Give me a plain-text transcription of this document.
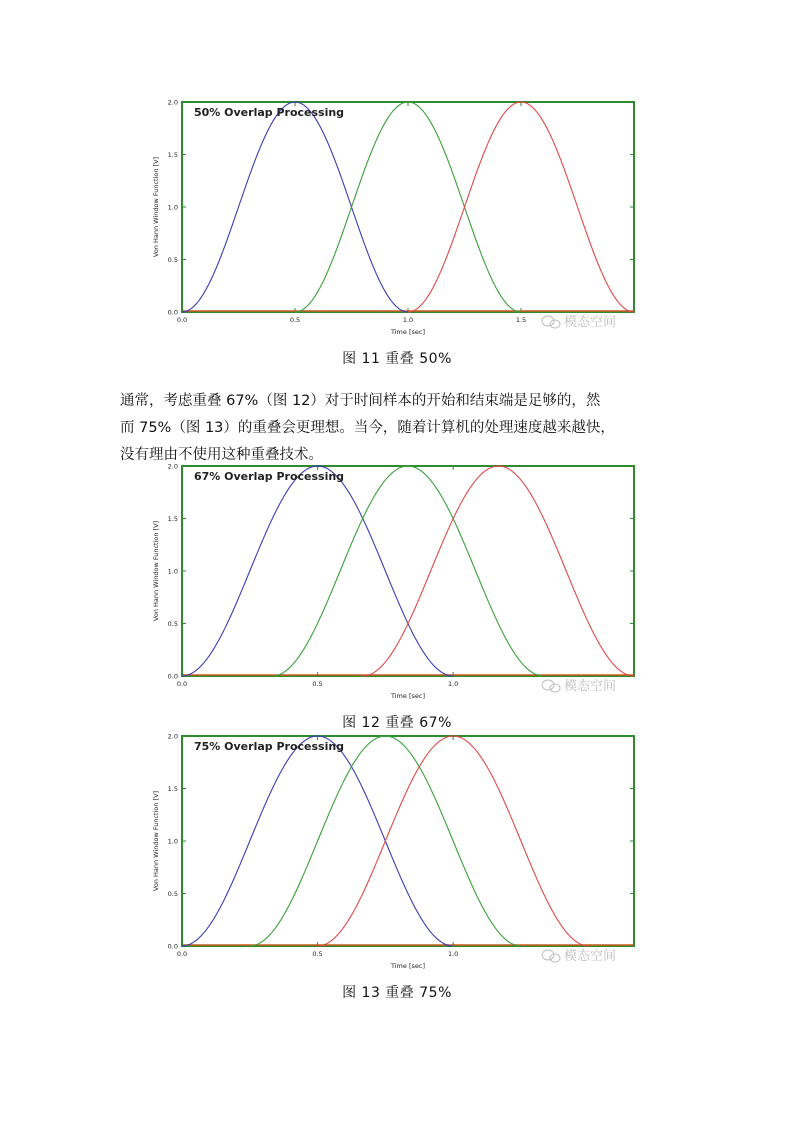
0.0
0.5
1.0
1.5
2.0
0.0	0.5	1.0	1.5
50% Overlap Processing
Time [sec]
Von Hann Window Function [V]
模态空间
图 11 重叠 50%

通常，考虑重叠 67%（图 12）对于时间样本的开始和结束端是足够的，然
而 75%（图 13）的重叠会更理想。当今，随着计算机的处理速度越来越快，
没有理由不使用这种重叠技术。

0.0
0.5
1.0
1.5
2.0
0.0	0.5	1.0
67% Overlap Processing
Time [sec]
Von Hann Window Function [V]
模态空间
图 12 重叠 67%
0.0
0.5
1.0
1.5
2.0
0.0	0.5	1.0
75% Overlap Processing
Time [sec]
Von Hann Window Function [V]
模态空间
图 13 重叠 75%
